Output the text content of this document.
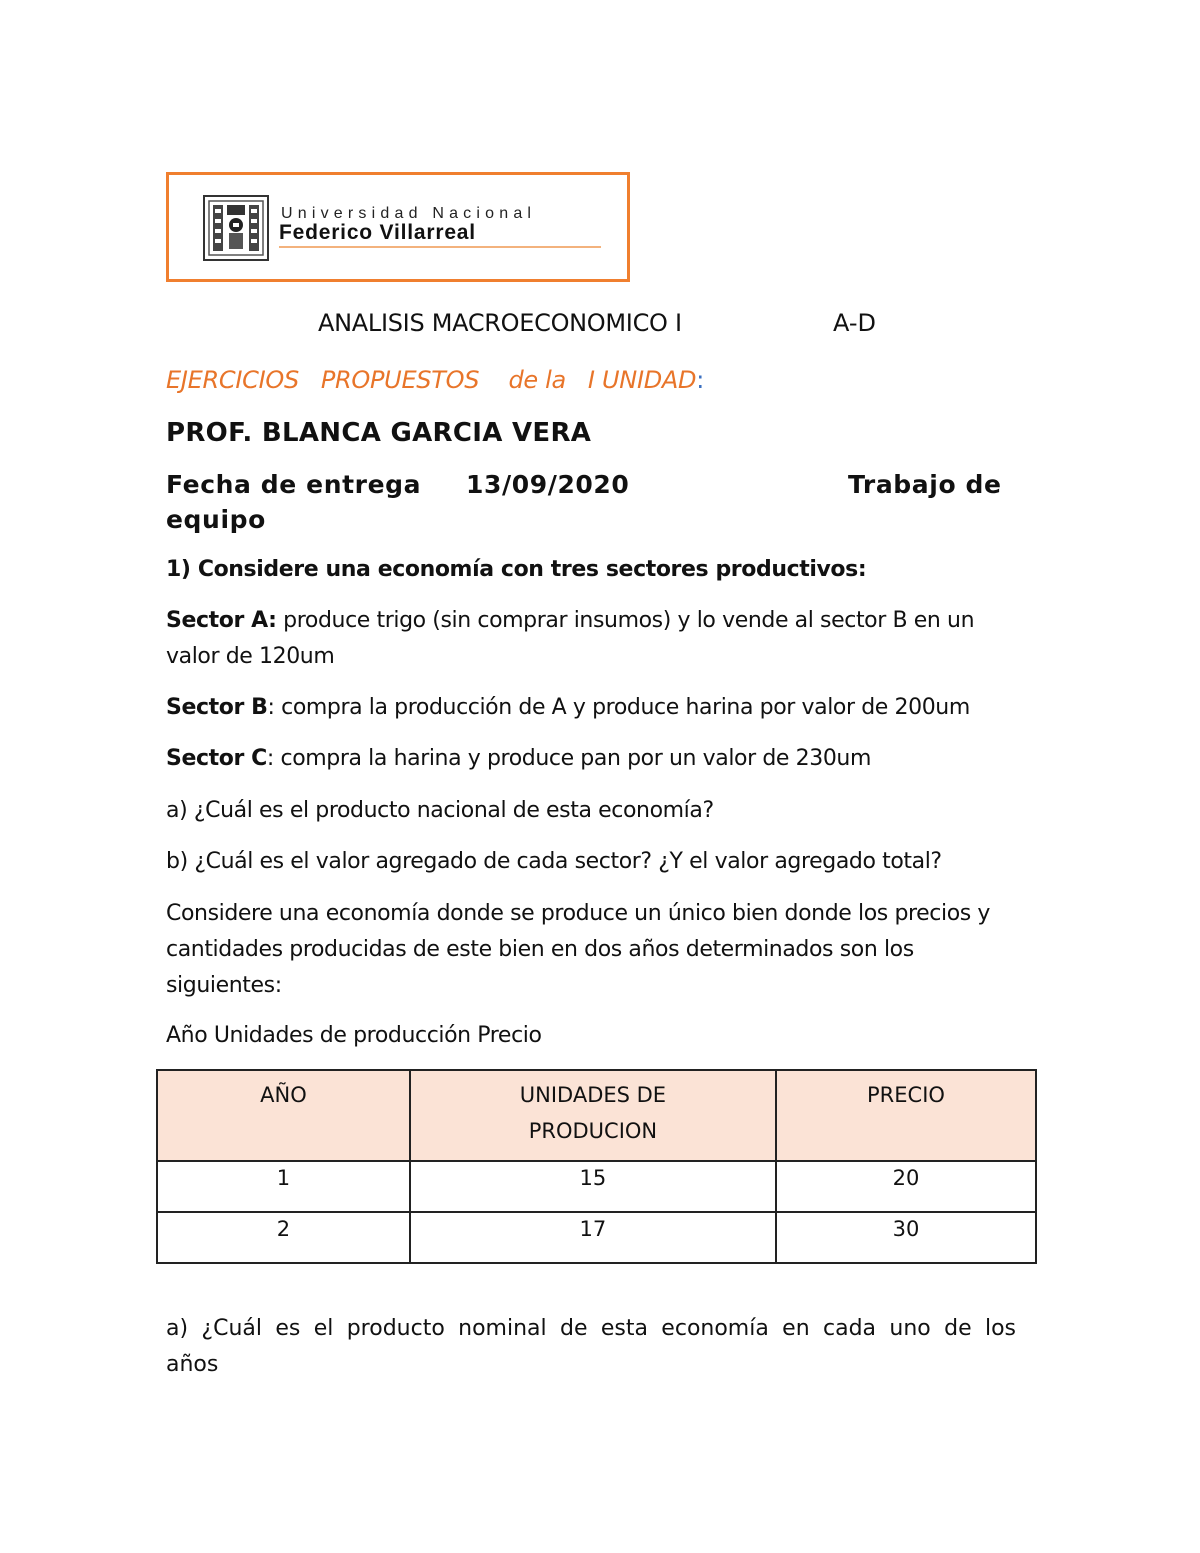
Universidad Nacional
Federico Villarreal
ANALISIS MACROECONOMICO I	A-D
EJERCICIOS   PROPUESTOS    de la   I UNIDAD:
PROF. BLANCA GARCIA VERA
Fecha de entrega 13/09/2020	Trabajo de
equipo
1) Considere una economía con tres sectores productivos:
Sector A: produce trigo (sin comprar insumos) y lo vende al sector B en un valor de 120um
Sector B: compra la producción de A y produce harina por valor de 200um
Sector C: compra la harina y produce pan por un valor de 230um
a) ¿Cuál es el producto nacional de esta economía?
b) ¿Cuál es el valor agregado de cada sector? ¿Y el valor agregado total?
Considere una economía donde se produce un único bien donde los precios y cantidades producidas de este bien en dos años determinados son los siguientes:
Año Unidades de producción Precio
AÑO	UNIDADES DE PRODUCION	PRECIO
1	15	20
2	17	30
a) ¿Cuál es el producto nominal de esta economía en cada uno de los años
